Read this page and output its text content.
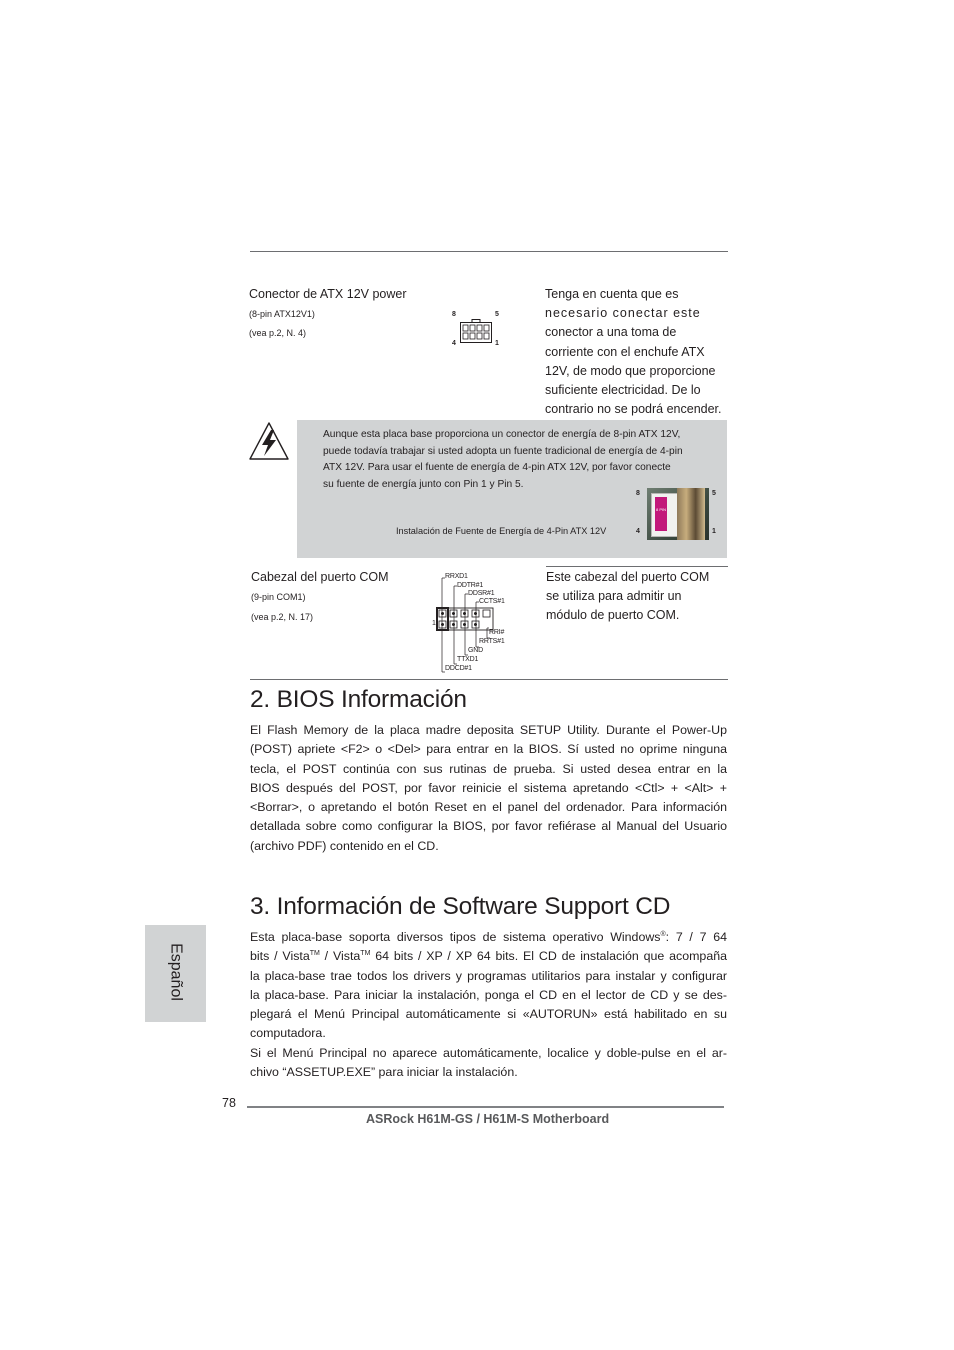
Conector de ATX 12V power
(8-pin ATX12V1)
(vea p.2, N. 4)
8	5
4	1
Tenga en cuenta que es
necesario conectar este
conector a una toma de
corriente con el enchufe ATX
12V, de modo que proporcione
suficiente electricidad. De lo
contrario no se podrá encender.
Aunque esta placa base proporciona un conector de energía de 8-pin ATX 12V,
puede todavía trabajar si usted adopta un fuente tradicional de energía de 4-pin
ATX 12V. Para usar el fuente de energía de 4-pin ATX 12V, por favor conecte
su fuente de energía junto con Pin 1 y Pin 5.
Instalación de Fuente de Energía de 4-Pin ATX 12V
8	5
4	1
8 PIN
Cabezal del puerto COM
(9-pin COM1)
(vea p.2, N. 17)
1
RRXD1
DDTR#1
DDSR#1
CCTS#1
RRI#
RRTS#1
GND
TTXD1
DDCD#1
Este cabezal del puerto COM
se utiliza para admitir un
módulo de puerto COM.
2. BIOS Información
El Flash Memory de la placa madre deposita SETUP Utility. Durante el Power-Up
(POST) apriete <F2> o <Del> para entrar en la BIOS. Sí usted no oprime ninguna
tecla, el POST continúa con sus rutinas de prueba. Si usted desea entrar en la
BIOS después del POST, por favor reinicie el sistema apretando <Ctl> + <Alt> +
<Borrar>, o apretando el botón Reset en el panel del ordenador. Para información
detallada sobre como configurar la BIOS, por favor refiérase al Manual del Usuario
(archivo PDF) contenido en el CD.
3. Información de Software Support CD
Esta placa-base soporta diversos tipos de sistema operativo Windows®: 7 / 7 64
bits / Vista™ / Vista™ 64 bits / XP / XP 64 bits. El CD de instalación que acompaña
la placa-base trae todos los drivers y programas utilitarios para instalar y configurar
la placa-base. Para iniciar la instalación, ponga el CD en el lector de CD y se des-
plegará el Menú Principal automáticamente si «AUTORUN» está habilitado en su
computadora.
Si el Menú Principal no aparece automáticamente, localice y doble-pulse en el ar-
chivo “ASSETUP.EXE” para iniciar la instalación.
Español
78
ASRock H61M-GS / H61M-S Motherboard
